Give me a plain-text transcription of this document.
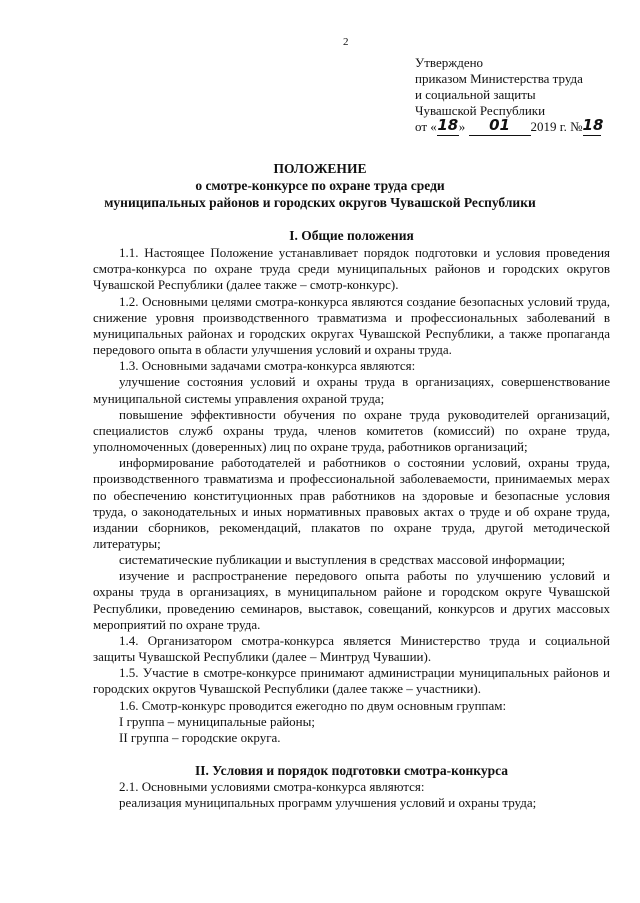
2
Утверждено
приказом Министерства труда
и социальной защиты
Чувашской Республики
от «18» 01 2019 г. №18
ПОЛОЖЕНИЕ
о смотре-конкурсе по охране труда среди
муниципальных районов и городских округов Чувашской Республики
I. Общие положения

1.1. Настоящее Положение устанавливает порядок подготовки и условия проведения смотра-конкурса по охране труда среди муниципальных районов и городских округов Чувашской Республики (далее также – смотр-конкурс).

1.2. Основными целями смотра-конкурса являются создание безопасных условий труда, снижение уровня производственного травматизма и профессиональных заболеваний в муниципальных районах и городских округах Чувашской Республики, а также пропаганда передового опыта в области улучшения условий и охраны труда.

1.3. Основными задачами смотра-конкурса являются:

улучшение состояния условий и охраны труда в организациях, совершенствование муниципальной системы управления охраной труда;

повышение эффективности обучения по охране труда руководителей организаций, специалистов служб охраны труда, членов комитетов (комиссий) по охране труда, уполномоченных (доверенных) лиц по охране труда, работников организаций;

информирование работодателей и работников о состоянии условий, охраны труда, производственного травматизма и профессиональной заболеваемости, принимаемых мерах по обеспечению конституционных прав работников на здоровые и безопасные условия труда, о законодательных и иных нормативных правовых актах о труде и об охране труда, издании сборников, рекомендаций, плакатов по охране труда, другой методической литературы;

систематические публикации и выступления в средствах массовой информации;

изучение и распространение передового опыта работы по улучшению условий и охраны труда в организациях, в муниципальном районе и городском округе Чувашской Республики, проведению семинаров, выставок, совещаний, конкурсов и других массовых мероприятий по охране труда.

1.4. Организатором смотра-конкурса является Министерство труда и социальной защиты Чувашской Республики (далее – Минтруд Чувашии).

1.5. Участие в смотре-конкурсе принимают администрации муниципальных районов и городских округов Чувашской Республики (далее также – участники).

1.6. Смотр-конкурс проводится ежегодно по двум основным группам:

I группа – муниципальные районы;

II группа – городские округа.

II. Условия и порядок подготовки смотра-конкурса

2.1. Основными условиями смотра-конкурса являются:

реализация муниципальных программ улучшения условий и охраны труда;
